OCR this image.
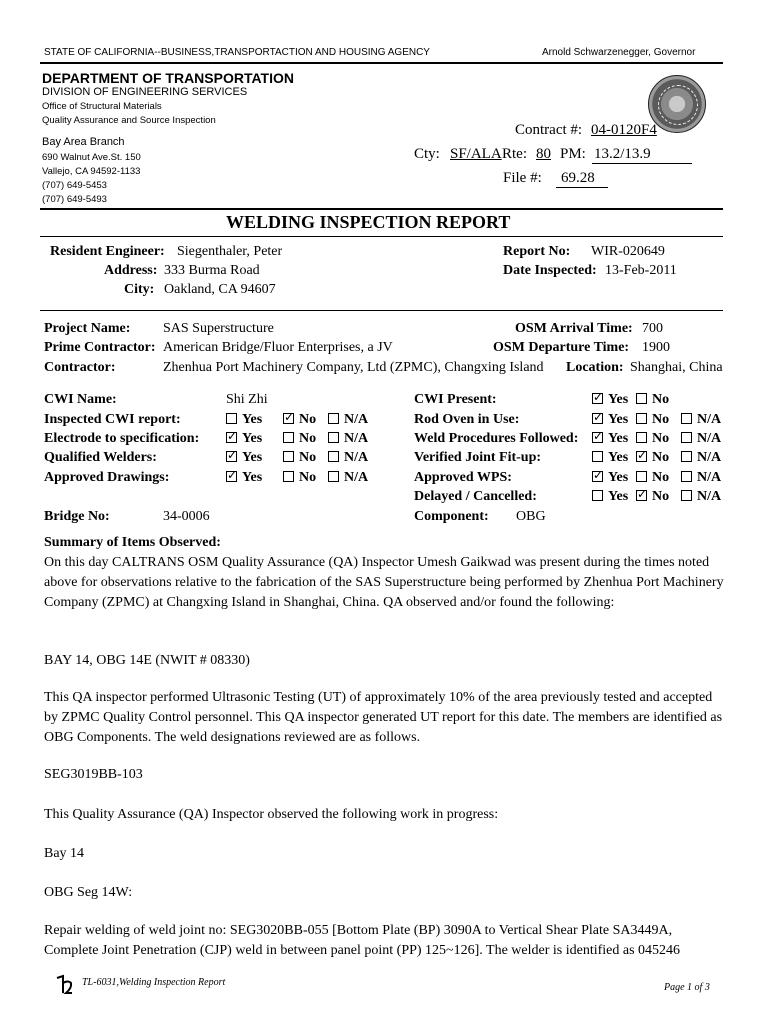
STATE OF CALIFORNIA--BUSINESS,TRANSPORTACTION AND HOUSING AGENCY	Arnold Schwarzenegger, Governor
DEPARTMENT OF TRANSPORTATION
DIVISION OF ENGINEERING SERVICES
Office of Structural Materials
Quality Assurance and Source Inspection
Bay Area Branch
690 Walnut Ave.St. 150
Vallejo, CA 94592-1133
(707) 649-5453
(707) 649-5493
Contract #: 04-0120F4
Cty: SF/ALA Rte: 80 PM: 13.2/13.9
File #: 69.28
WELDING INSPECTION REPORT
Resident Engineer: Siegenthaler, Peter
Address: 333 Burma Road
City: Oakland, CA 94607
Report No: WIR-020649
Date Inspected: 13-Feb-2011
Project Name: SAS Superstructure
Prime Contractor: American Bridge/Fluor Enterprises, a JV
Contractor:	Zhenhua Port Machinery Company, Ltd (ZPMC), Changxing Island
OSM Arrival Time: 700
OSM Departure Time: 1900
Location: Shanghai, China
CWI Name:	Shi Zhi
Inspected CWI report:	Yes ✓	No	N/A
Electrode to specification: ✓	Yes	No	N/A
Qualified Welders: ✓	Yes	No	N/A
Approved Drawings: ✓	Yes	No	N/A
CWI Present: ✓	Yes	No
Rod Oven in Use: ✓	Yes	No	N/A
Weld Procedures Followed: ✓	Yes	No	N/A
Verified Joint Fit-up:	Yes ✓	No	N/A
Approved WPS: ✓	Yes	No	N/A
Delayed / Cancelled:	Yes ✓	No	N/A
Bridge No:	34-0006	Component: OBG
Summary of Items Observed:
On this day CALTRANS OSM Quality Assurance (QA) Inspector Umesh Gaikwad was present during the times noted above for observations relative to the fabrication of the SAS Superstructure being performed by Zhenhua Port Machinery Company (ZPMC) at Changxing Island in Shanghai, China. QA observed and/or found the following:
BAY 14, OBG 14E (NWIT # 08330)
This QA inspector performed Ultrasonic Testing (UT) of approximately 10% of the area previously tested and accepted by ZPMC Quality Control personnel. This QA inspector generated UT report for this date. The members are identified as OBG Components. The weld designations reviewed are as follows.
SEG3019BB-103
This Quality Assurance (QA) Inspector observed the following work in progress:
Bay 14
OBG Seg 14W:
Repair welding of weld joint no: SEG3020BB-055 [Bottom Plate (BP) 3090A to Vertical Shear Plate SA3449A, Complete Joint Penetration (CJP) weld in between panel point (PP) 125~126]. The welder is identified as 045246
TL-6031,Welding Inspection Report	Page 1 of 3
